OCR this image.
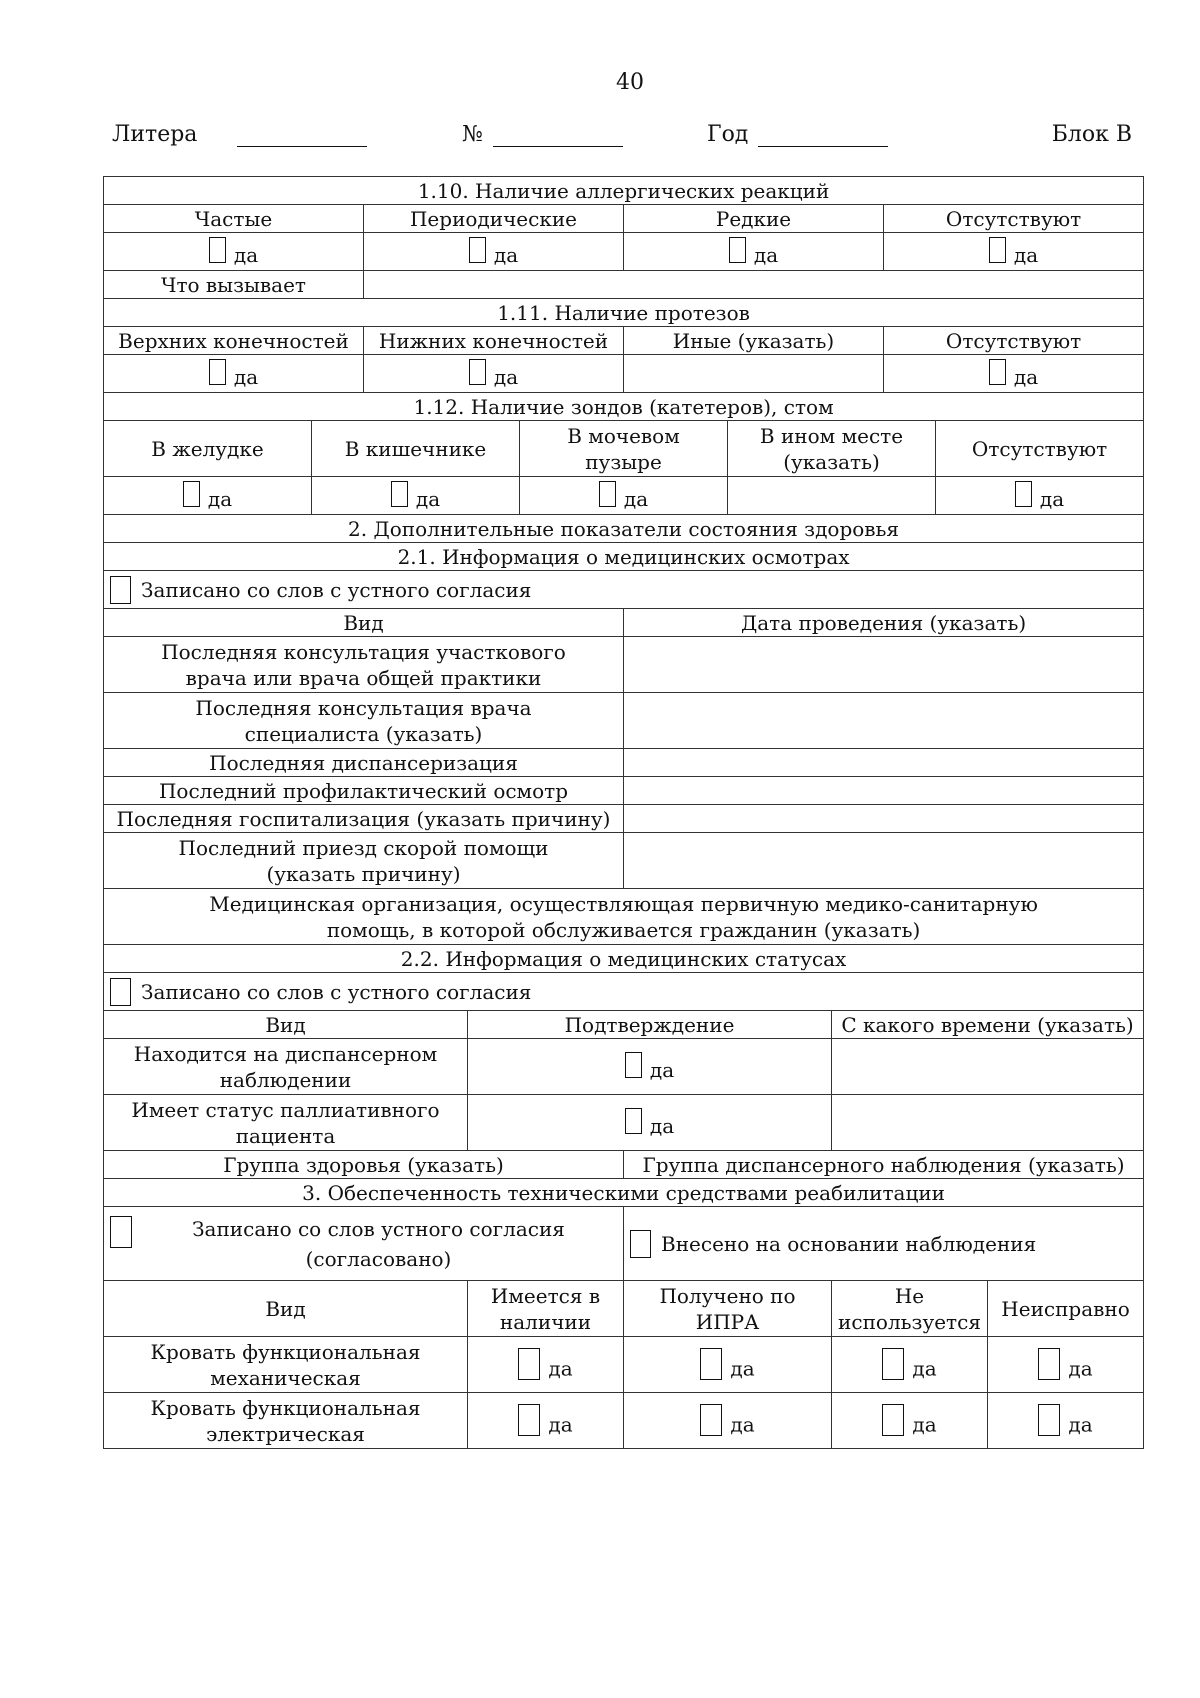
40
Литера	№	Год	Блок В
1.10. Наличие аллергических реакций										
Частые		Периодические			Редкие			Отсутствуют		
да		да			да			да		
Что вызывает										
1.11. Наличие протезов										
Верхних конечностей		Нижних конечностей			Иные (указать)			Отсутствуют		
да		да						да		
1.12. Наличие зондов (катетеров), стом										
В желудке	В кишечнике			В мочевом пузыре		В ином месте (указать)			Отсутствуют	
да	да			да					да	
2. Дополнительные показатели состояния здоровья										
2.1. Информация о медицинских осмотрах										

Записано со слов с устного согласия										

Вид					Дата проведения (указать)					
Последняя консультация участкового врача или врача общей практики										
Последняя консультация врача специалиста (указать)										
Последняя диспансеризация										
Последний профилактический осмотр										
Последняя госпитализация (указать причину)										
Последний приезд скорой помощи (указать причину)										
Медицинская организация, осуществляющая первичную медико-санитарную помощь, в которой обслуживается гражданин (указать)										
2.2. Информация о медицинских статусах										

Записано со слов с устного согласия										

Вид			Подтверждение				С какого времени (указать)			
Находится на диспансерном наблюдении			да							
Имеет статус паллиативного пациента			да							
Группа здоровья (указать)					Группа диспансерного наблюдения (указать)					
3. Обеспеченность техническими средствами реабилитации										

Записано со слов устного согласия (согласовано)					Внесено на основании наблюдения					

Вид			Имеется в наличии		Получено по ИПРА		Не используется			Неисправно
Кровать функциональная механическая			да		да		да			да
Кровать функциональная электрическая			да		да		да			да
